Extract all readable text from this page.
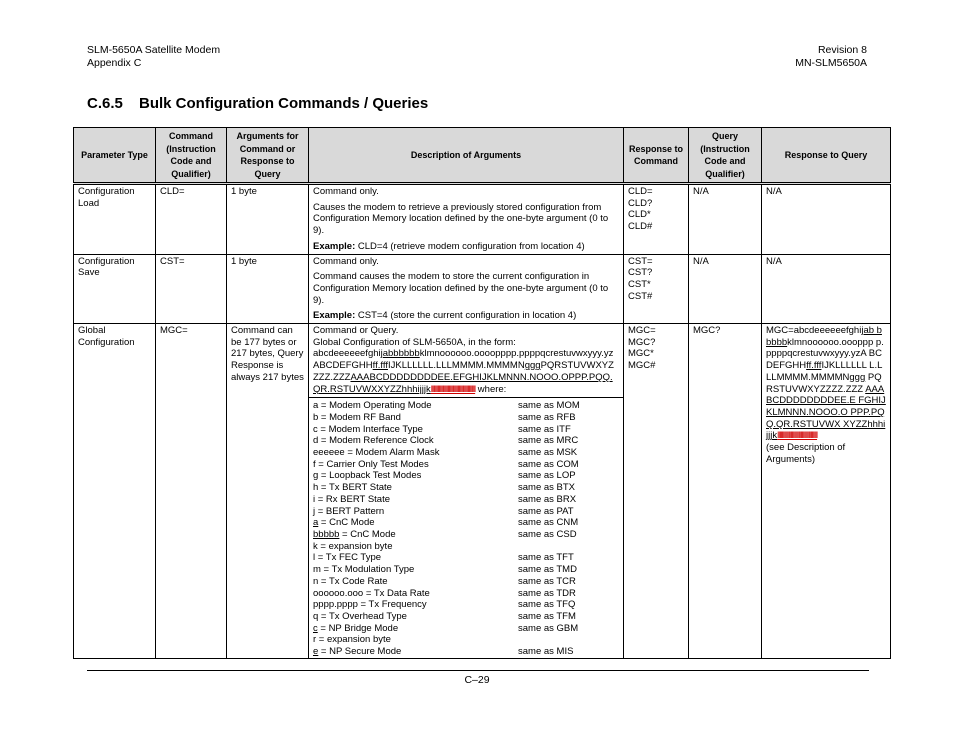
SLM-5650A Satellite Modem
Appendix C
Revision 8
MN-SLM5650A
C.6.5 Bulk Configuration Commands / Queries
Parameter Type	Command (Instruction Code and Qualifier)	Arguments for Command or Response to Query	Description of Arguments	Response to Command	Query (Instruction Code and Qualifier)	Response to Query
Configuration Load	CLD=	1 byte	Command only.

Causes the modem to retrieve a previously stored configuration from Configuration Memory location defined by the one-byte argument (0 to 9).

Example: CLD=4 (retrieve modem configuration from location 4)

	CLD=
CLD?
CLD*
CLD#	N/A	N/A
Configuration Save	CST=	1 byte	Command only.

Command causes the modem to store the current configuration in Configuration Memory location defined by the one-byte argument (0 to 9).

Example: CST=4 (store the current configuration in location 4)

	CST=
CST?
CST*
CST#	N/A	N/A
Global Configuration	MGC=	Command can be 177 bytes or 217 bytes, Query Response is always 217 bytes	
Command or Query.
Global Configuration of SLM-5650A, in the form:
abcdeeeeeefghijabbbbbbklmnoooooo.oooopppp.ppppqcrestuvwxyyy.yzABCDEFGHHff.fffIJKLLLLLL.LLLMMMM.MMMMNgggPQRSTUVWXYZZZZ.ZZZAAABCDDDDDDDDEE.EFGHIJKLMNNN.NOOO.OPPP.PQQ.QR.RSTUVWXXYZZhhhijjjkllllllllllllllllllllllllllllllllllllllll where:
a = Modem Operating Mode	same as MOM
b = Modem RF Band	same as RFB
c = Modem Interface Type	same as ITF
d = Modem Reference Clock	same as MRC
eeeeee = Modem Alarm Mask	same as MSK
f = Carrier Only Test Modes	same as COM
g = Loopback Test Modes	same as LOP
h = Tx BERT State	same as BTX
i = Rx BERT State	same as BRX
j = BERT Pattern	same as PAT
a = CnC Mode	same as CNM
bbbbb = CnC Mode	same as CSD
k = expansion byte	
l = Tx FEC Type	same as TFT
m = Tx Modulation Type	same as TMD
n = Tx Code Rate	same as TCR
oooooo.ooo = Tx Data Rate	same as TDR
pppp.pppp = Tx Frequency	same as TFQ
q = Tx Overhead Type	same as TFM
c = NP Bridge Mode	same as GBM
r = expansion byte	
e = NP Secure Mode	same as MIS
	MGC=
MGC?
MGC*
MGC#	MGC?	MGC=abcdeeeeeefghijab bbbbbklmnoooooo.oooppp p.ppppqcrestuvwxyyy.yzA BCDEFGHHff.fffIJKLLLLLL L.LLLMMMM.MMMMNggg PQRSTUVWXYZZZZ.ZZZ AAABCDDDDDDDDEE.E FGHIJKLMNNN.NOOO.O PPP.PQQ.QR.RSTUVWX XYZZhhhijjjkllllllllllllllllllllllllllllllllllll
(see Description of Arguments)
C–29
